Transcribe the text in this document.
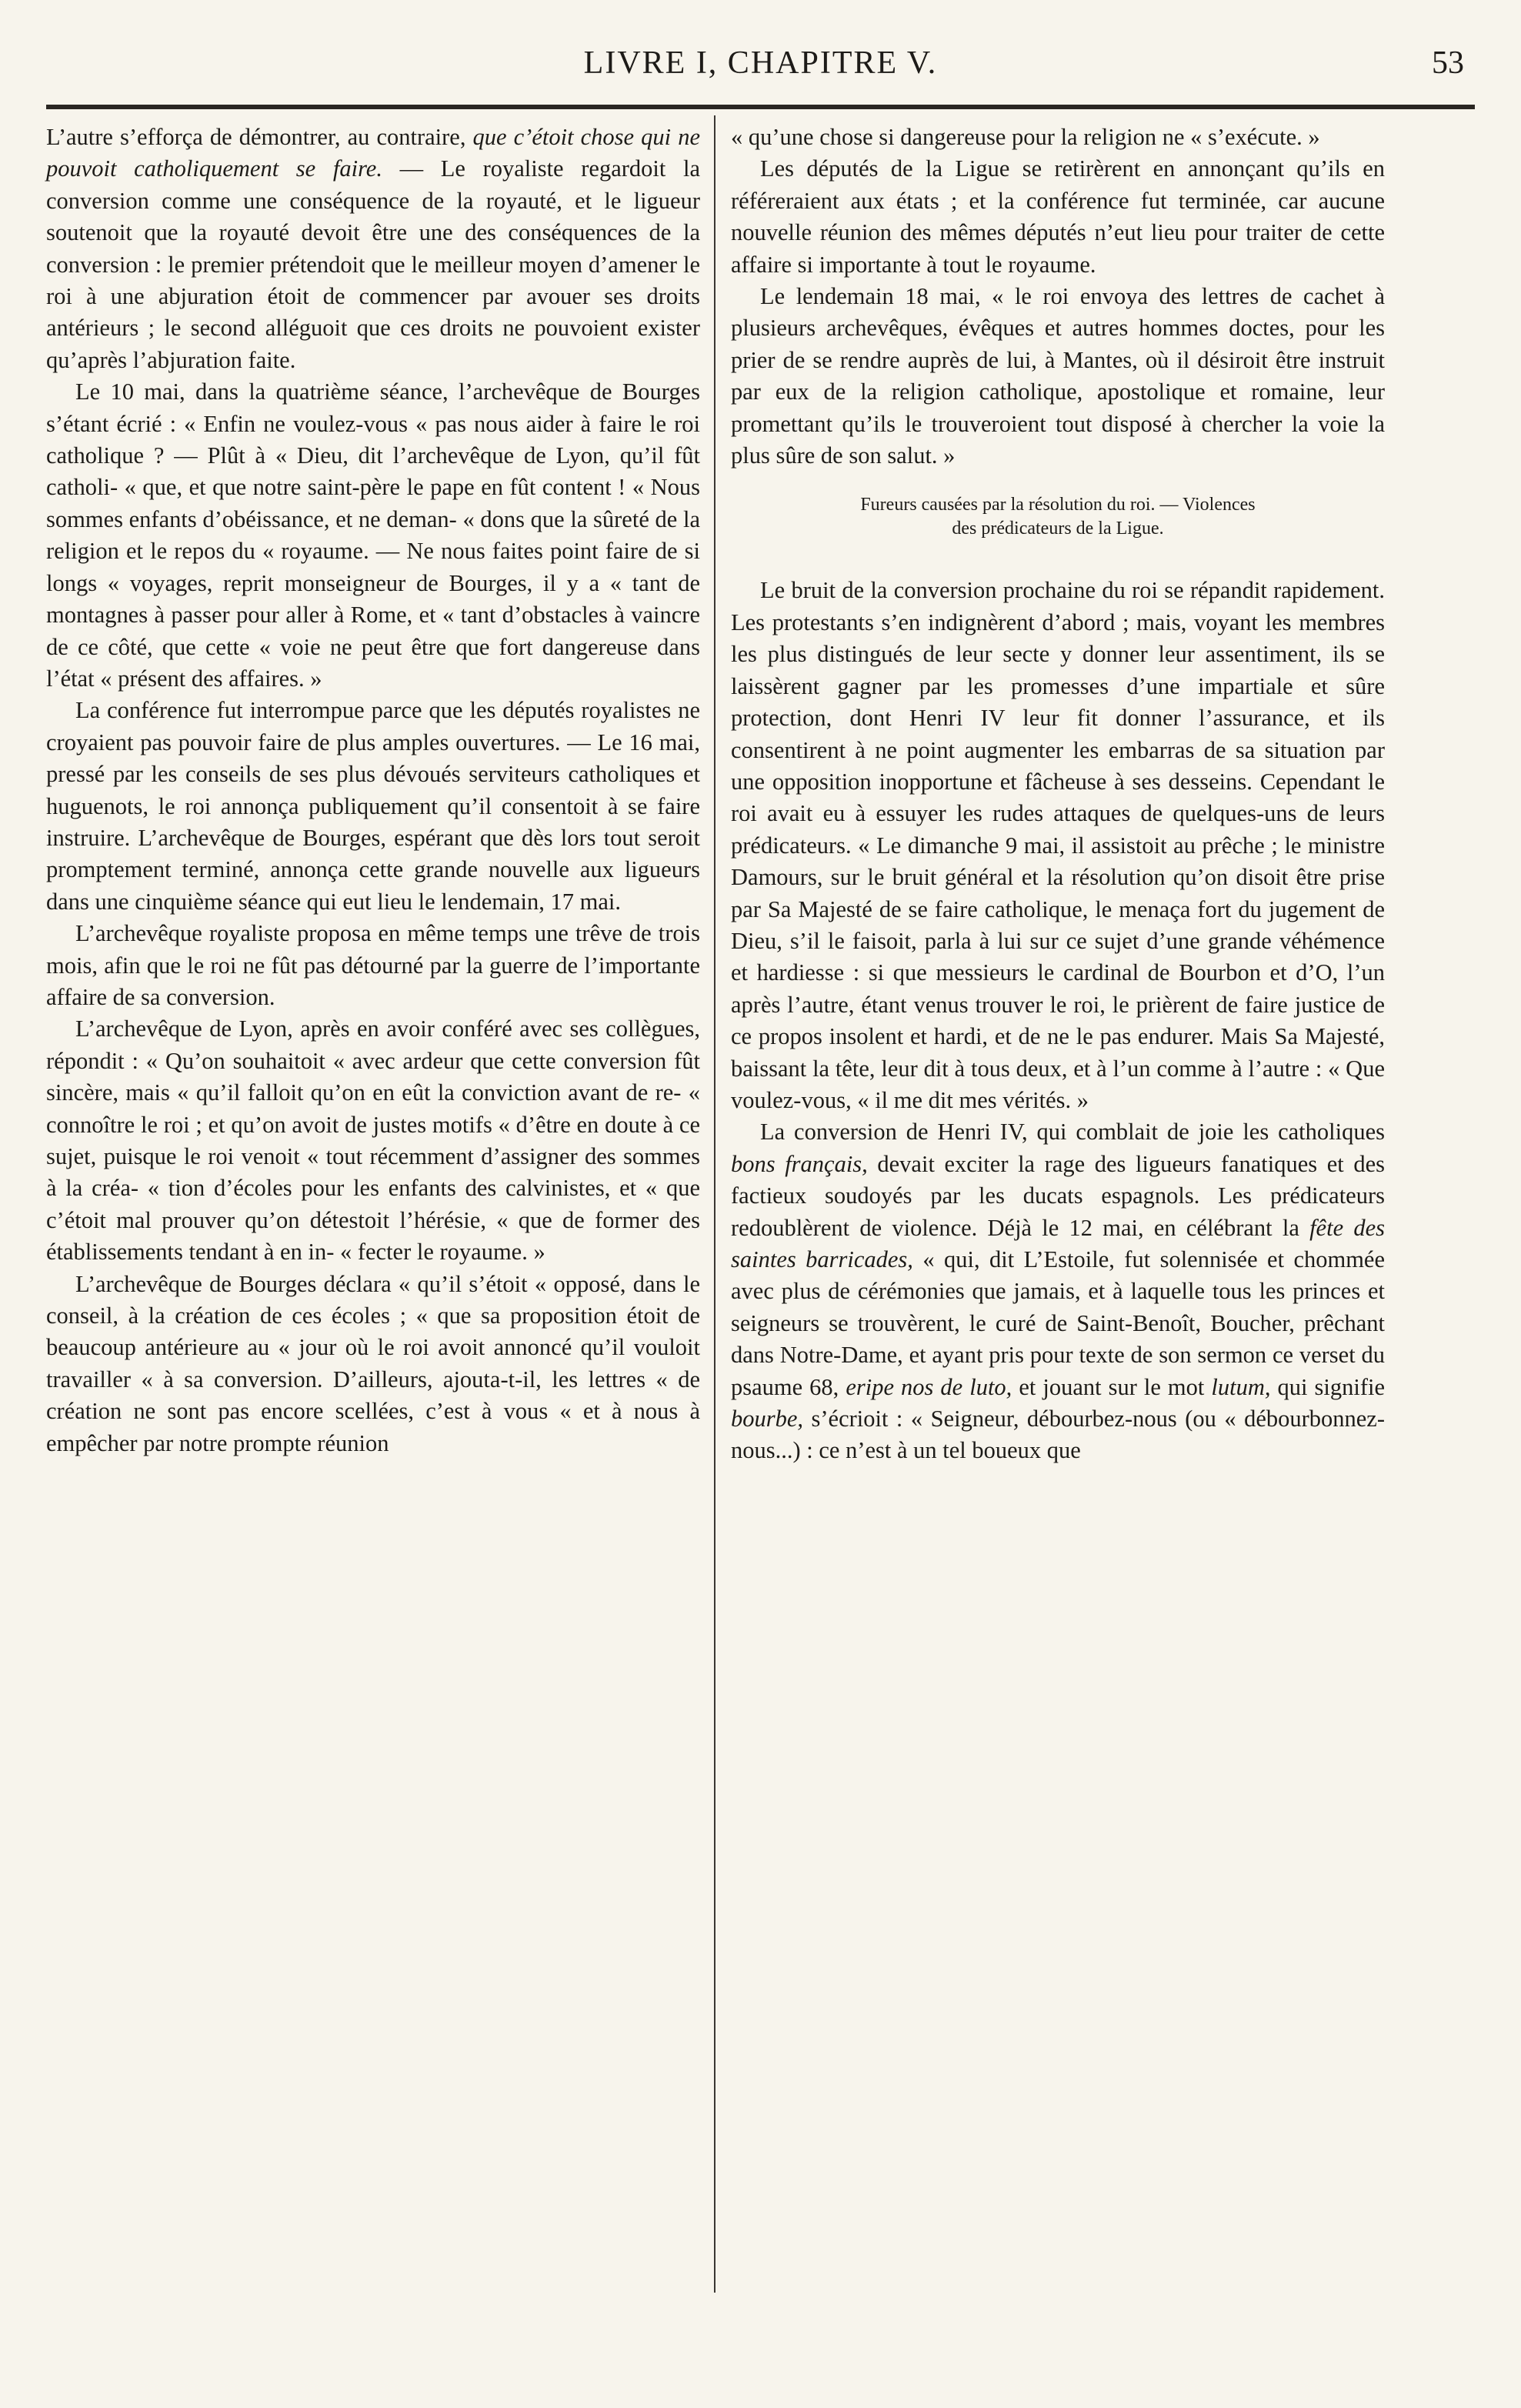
LIVRE I, CHAPITRE V.	53

L’autre s’efforça de démontrer, au contraire, que c’étoit chose qui ne pouvoit catholiquement se faire. — Le royaliste regardoit la conversion comme une conséquence de la royauté, et le ligueur soutenoit que la royauté devoit être une des conséquences de la conversion : le premier prétendoit que le meilleur moyen d’amener le roi à une abjuration étoit de commencer par avouer ses droits antérieurs ; le second alléguoit que ces droits ne pouvoient exister qu’après l’abjuration faite.

Le 10 mai, dans la quatrième séance, l’archevêque de Bourges s’étant écrié : « Enfin ne voulez-vous « pas nous aider à faire le roi catholique ? — Plût à « Dieu, dit l’archevêque de Lyon, qu’il fût catholi- « que, et que notre saint-père le pape en fût content ! « Nous sommes enfants d’obéissance, et ne deman- « dons que la sûreté de la religion et le repos du « royaume. — Ne nous faites point faire de si longs « voyages, reprit monseigneur de Bourges, il y a « tant de montagnes à passer pour aller à Rome, et « tant d’obstacles à vaincre de ce côté, que cette « voie ne peut être que fort dangereuse dans l’état « présent des affaires. »

La conférence fut interrompue parce que les députés royalistes ne croyaient pas pouvoir faire de plus amples ouvertures. — Le 16 mai, pressé par les conseils de ses plus dévoués serviteurs catholiques et huguenots, le roi annonça publiquement qu’il consentoit à se faire instruire. L’archevêque de Bourges, espérant que dès lors tout seroit promptement terminé, annonça cette grande nouvelle aux ligueurs dans une cinquième séance qui eut lieu le lendemain, 17 mai.

L’archevêque royaliste proposa en même temps une trêve de trois mois, afin que le roi ne fût pas détourné par la guerre de l’importante affaire de sa conversion.

L’archevêque de Lyon, après en avoir conféré avec ses collègues, répondit : « Qu’on souhaitoit « avec ardeur que cette conversion fût sincère, mais « qu’il falloit qu’on en eût la conviction avant de re- « connoître le roi ; et qu’on avoit de justes motifs « d’être en doute à ce sujet, puisque le roi venoit « tout récemment d’assigner des sommes à la créa- « tion d’écoles pour les enfants des calvinistes, et « que c’étoit mal prouver qu’on détestoit l’hérésie, « que de former des établissements tendant à en in- « fecter le royaume. »

L’archevêque de Bourges déclara « qu’il s’étoit « opposé, dans le conseil, à la création de ces écoles ; « que sa proposition étoit de beaucoup antérieure au « jour où le roi avoit annoncé qu’il vouloit travailler « à sa conversion. D’ailleurs, ajouta-t-il, les lettres « de création ne sont pas encore scellées, c’est à vous « et à nous à empêcher par notre prompte réunion

« qu’une chose si dangereuse pour la religion ne « s’exécute. »

Les députés de la Ligue se retirèrent en annonçant qu’ils en référeraient aux états ; et la conférence fut terminée, car aucune nouvelle réunion des mêmes députés n’eut lieu pour traiter de cette affaire si importante à tout le royaume.

Le lendemain 18 mai, « le roi envoya des lettres de cachet à plusieurs archevêques, évêques et autres hommes doctes, pour les prier de se rendre auprès de lui, à Mantes, où il désiroit être instruit par eux de la religion catholique, apostolique et romaine, leur promettant qu’ils le trouveroient tout disposé à chercher la voie la plus sûre de son salut. »

Fureurs causées par la résolution du roi. — Violences
des prédicateurs de la Ligue.

Le bruit de la conversion prochaine du roi se répandit rapidement. Les protestants s’en indignèrent d’abord ; mais, voyant les membres les plus distingués de leur secte y donner leur assentiment, ils se laissèrent gagner par les promesses d’une impartiale et sûre protection, dont Henri IV leur fit donner l’assurance, et ils consentirent à ne point augmenter les embarras de sa situation par une opposition inopportune et fâcheuse à ses desseins. Cependant le roi avait eu à essuyer les rudes attaques de quelques-uns de leurs prédicateurs. « Le dimanche 9 mai, il assistoit au prêche ; le ministre Damours, sur le bruit général et la résolution qu’on disoit être prise par Sa Majesté de se faire catholique, le menaça fort du jugement de Dieu, s’il le faisoit, parla à lui sur ce sujet d’une grande véhémence et hardiesse : si que messieurs le cardinal de Bourbon et d’O, l’un après l’autre, étant venus trouver le roi, le prièrent de faire justice de ce propos insolent et hardi, et de ne le pas endurer. Mais Sa Majesté, baissant la tête, leur dit à tous deux, et à l’un comme à l’autre : « Que voulez-vous, « il me dit mes vérités. »

La conversion de Henri IV, qui comblait de joie les catholiques bons français, devait exciter la rage des ligueurs fanatiques et des factieux soudoyés par les ducats espagnols. Les prédicateurs redoublèrent de violence. Déjà le 12 mai, en célébrant la fête des saintes barricades, « qui, dit L’Estoile, fut solennisée et chommée avec plus de cérémonies que jamais, et à laquelle tous les princes et seigneurs se trouvèrent, le curé de Saint-Benoît, Boucher, prêchant dans Notre-Dame, et ayant pris pour texte de son sermon ce verset du psaume 68, eripe nos de luto, et jouant sur le mot lutum, qui signifie bourbe, s’écrioit : « Seigneur, débourbez-nous (ou « débourbonnez-nous...) : ce n’est à un tel boueux que
